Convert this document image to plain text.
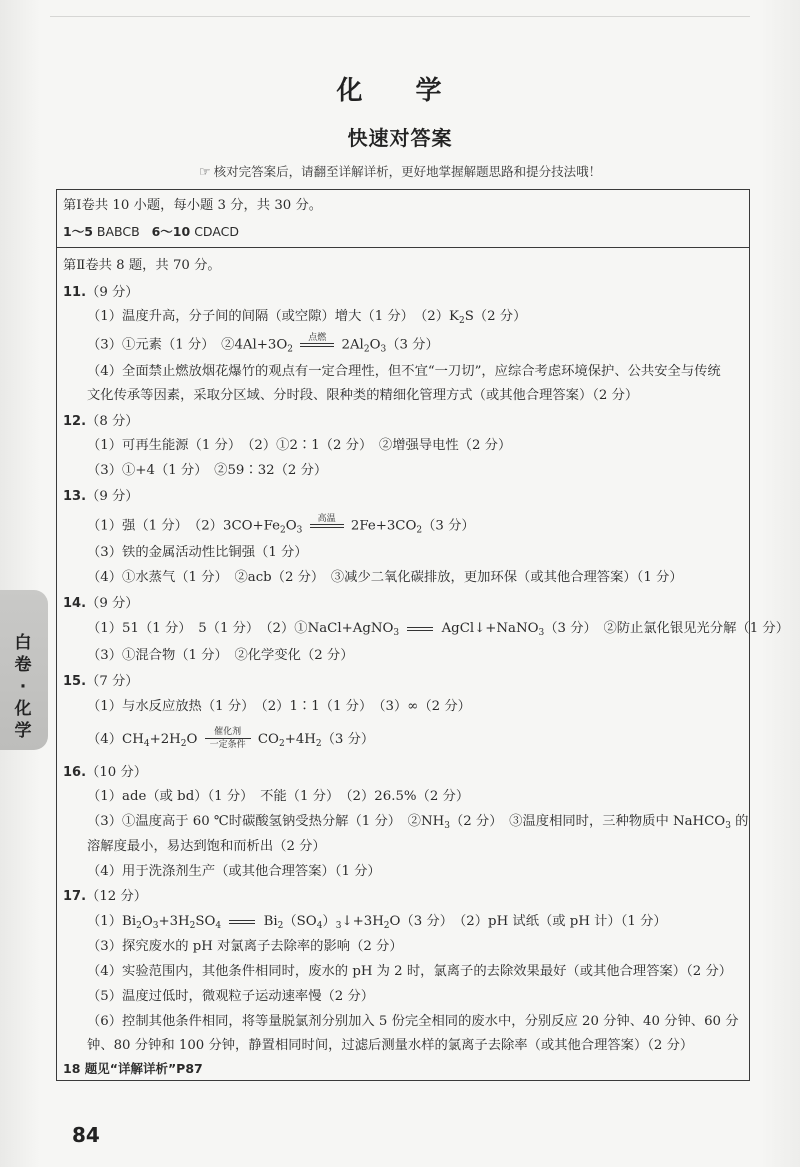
化 学
快速对答案
☞ 核对完答案后，请翻至详解详析，更好地掌握解题思路和提分技法哦！
第Ⅰ卷共 10 小题，每小题 3 分，共 30 分。
1～5 BABCB 6～10 CDACD
第Ⅱ卷共 8 题，共 70 分。
11.（9 分）
（1）温度升高，分子间的间隔（或空隙）增大（1 分）　$(2)K_2S(2$ 分）
（3）①元素（1 分）　$②4Al+3O_2$
点燃
	$2Al_2O_3(3$ 分）
（4）全面禁止燃放烟花爆竹的观点有一定合理性，但不宜“一刀切”，应综合考虑环境保护、公共安全与传统
文化传承等因素，采取分区域、分时段、限种类的精细化管理方式（或其他合理答案）（2 分）
12.（8 分）
（1）可再生能源（1 分）　（2）①2∶1（2 分）　②增强导电性（2 分）
（3）①+4（1 分）　②59∶32（2 分）
13.（9 分）
（1）强（1 分）　$(2)3CO+Fe_2O_3$
高温
	$2Fe+3CO_2(3$ 分）
（3）铁的金属活动性比铜强（1 分）
（4）①水蒸气（1 分）　②acb（2 分）　③减少二氧化碳排放，更加环保（或其他合理答案）（1 分）
14.（9 分）
（1）51（1 分）　5（1 分）　（2）①NaCl+AgNO$_3$	AgCl↓+NaNO$_3$（3 分）　②防止氯化银见光分解（1 分）
（3）①混合物（1 分）　②化学变化（2 分）
15.（7 分）
（1）与水反应放热（1 分）　（2）1∶1（1 分）　（3）∞（2 分）
$(4)CH_4+2H_2O$	催化剂
一定条件 $CO_2+4H_2(3$ 分）
16.（10 分）
（1）ade（或 bd）（1 分）　不能（1 分）　（2）26.5%（2 分）
（3）①温度高于 60 ℃时碳酸氢钠受热分解（1 分）　$②NH_3(2$ 分）　③温度相同时，三种物质中 NaHCO$_3$ 的
溶解度最小，易达到饱和而析出（2 分）
（4）用于洗涤剂生产（或其他合理答案）（1 分）
17.（12 分）
$(1)Bi_2O_3+3H_2SO_4$	$Bi_2(SO_4)_3↓+3H_2O(3$ 分）　（2）pH 试纸（或 pH 计）（1 分）
（3）探究废水的 pH 对氯离子去除率的影响（2 分）
（4）实验范围内，其他条件相同时，废水的 pH 为 2 时，氯离子的去除效果最好（或其他合理答案）（2 分）
（5）温度过低时，微观粒子运动速率慢（2 分）
（6）控制其他条件相同，将等量脱氯剂分别加入 5 份完全相同的废水中，分别反应 20 分钟、40 分钟、60 分
钟、80 分钟和 100 分钟，静置相同时间，过滤后测量水样的氯离子去除率（或其他合理答案）（2 分）
18 题见“详解详析”P87
白
卷
·
化
学
84
